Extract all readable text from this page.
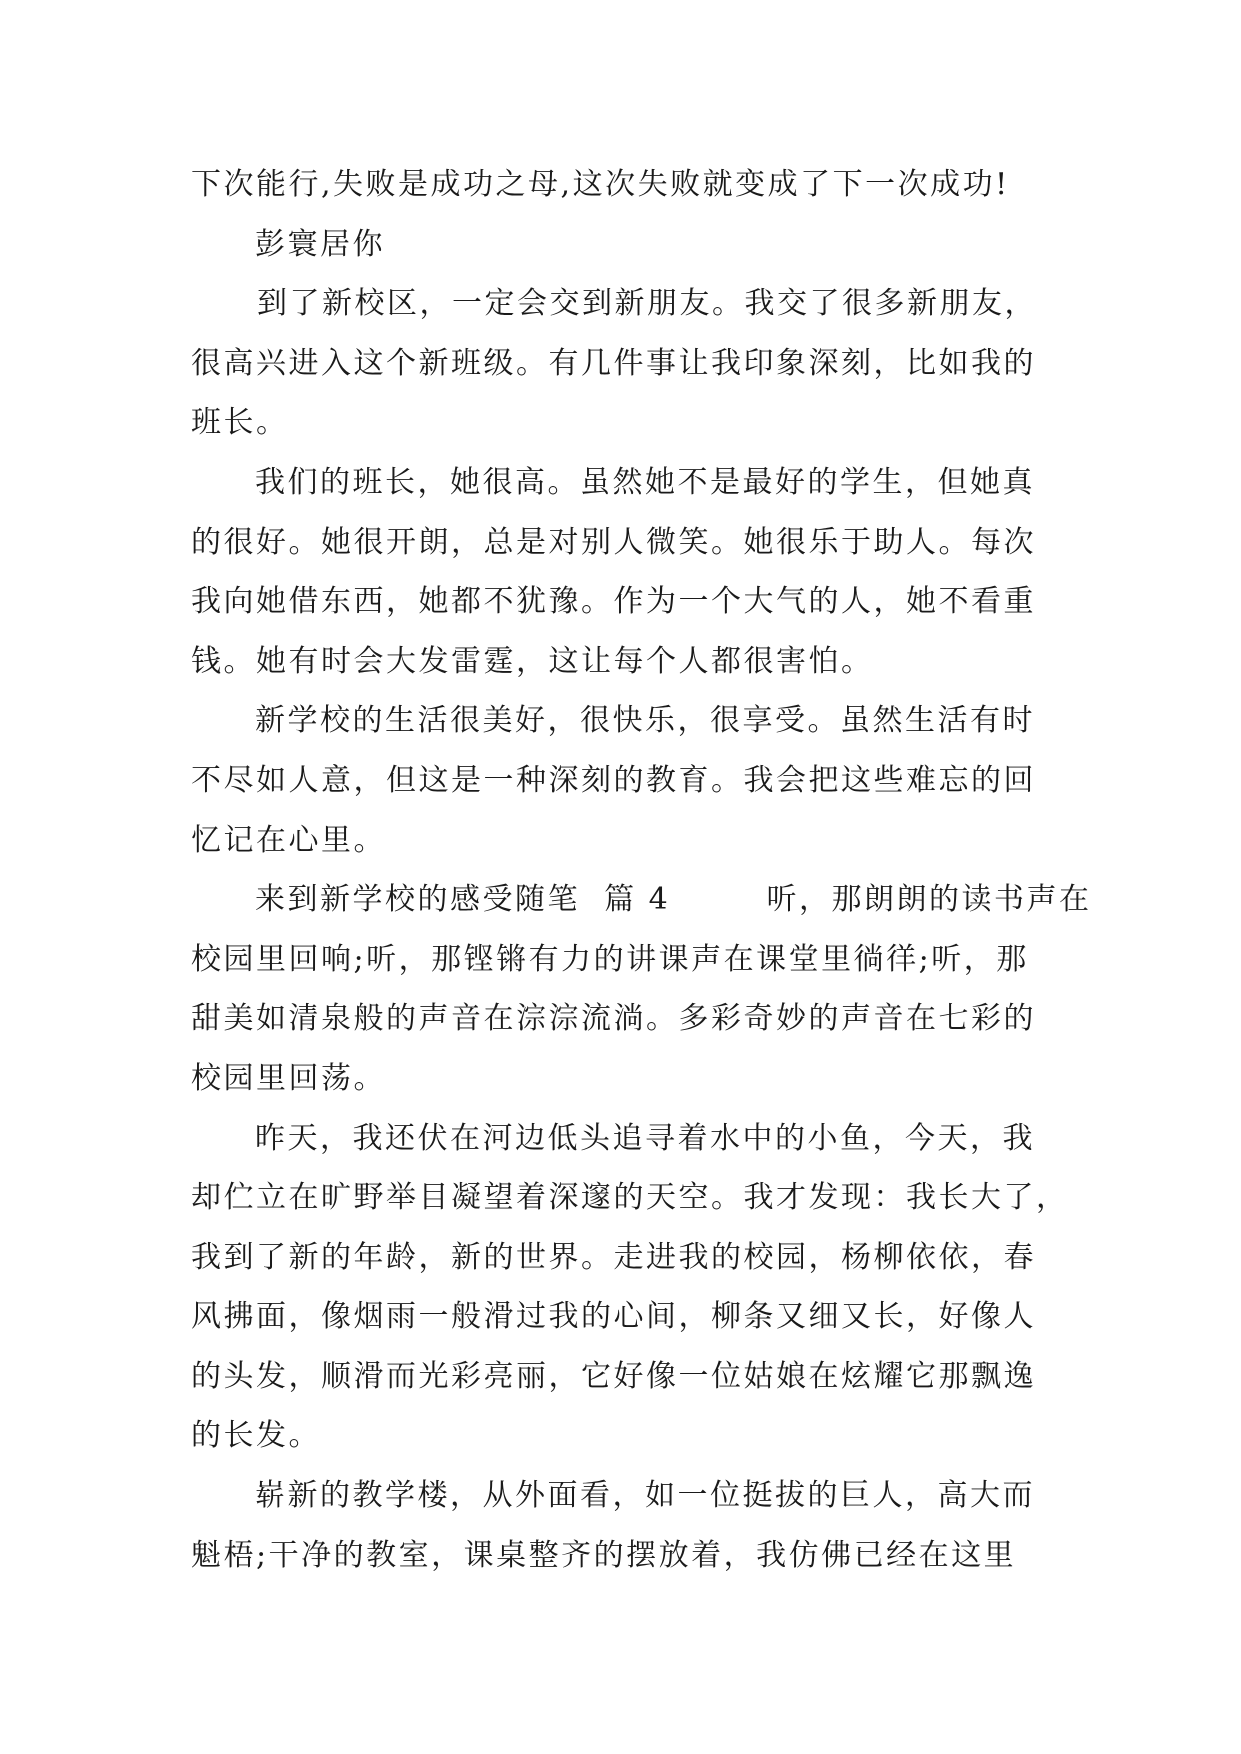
下次能行,失败是成功之母,这次失败就变成了下一次成功!
彭寰居你
到了新校区，一定会交到新朋友。我交了很多新朋友，
很高兴进入这个新班级。有几件事让我印象深刻，比如我的
班长。
我们的班长，她很高。虽然她不是最好的学生，但她真
的很好。她很开朗，总是对别人微笑。她很乐于助人。每次
我向她借东西，她都不犹豫。作为一个大气的人，她不看重
钱。她有时会大发雷霆，这让每个人都很害怕。
新学校的生活很美好，很快乐，很享受。虽然生活有时
不尽如人意，但这是一种深刻的教育。我会把这些难忘的回
忆记在心里。
来到新学校的感受随笔  篇 4        听，那朗朗的读书声在
校园里回响;听，那铿锵有力的讲课声在课堂里徜徉;听，那
甜美如清泉般的声音在淙淙流淌。多彩奇妙的声音在七彩的
校园里回荡。
昨天，我还伏在河边低头追寻着水中的小鱼，今天，我
却伫立在旷野举目凝望着深邃的天空。我才发现：我长大了，
我到了新的年龄，新的世界。走进我的校园，杨柳依依，春
风拂面，像烟雨一般滑过我的心间，柳条又细又长，好像人
的头发，顺滑而光彩亮丽，它好像一位姑娘在炫耀它那飘逸
的长发。
崭新的教学楼，从外面看，如一位挺拔的巨人，高大而
魁梧;干净的教室，课桌整齐的摆放着，我仿佛已经在这里
